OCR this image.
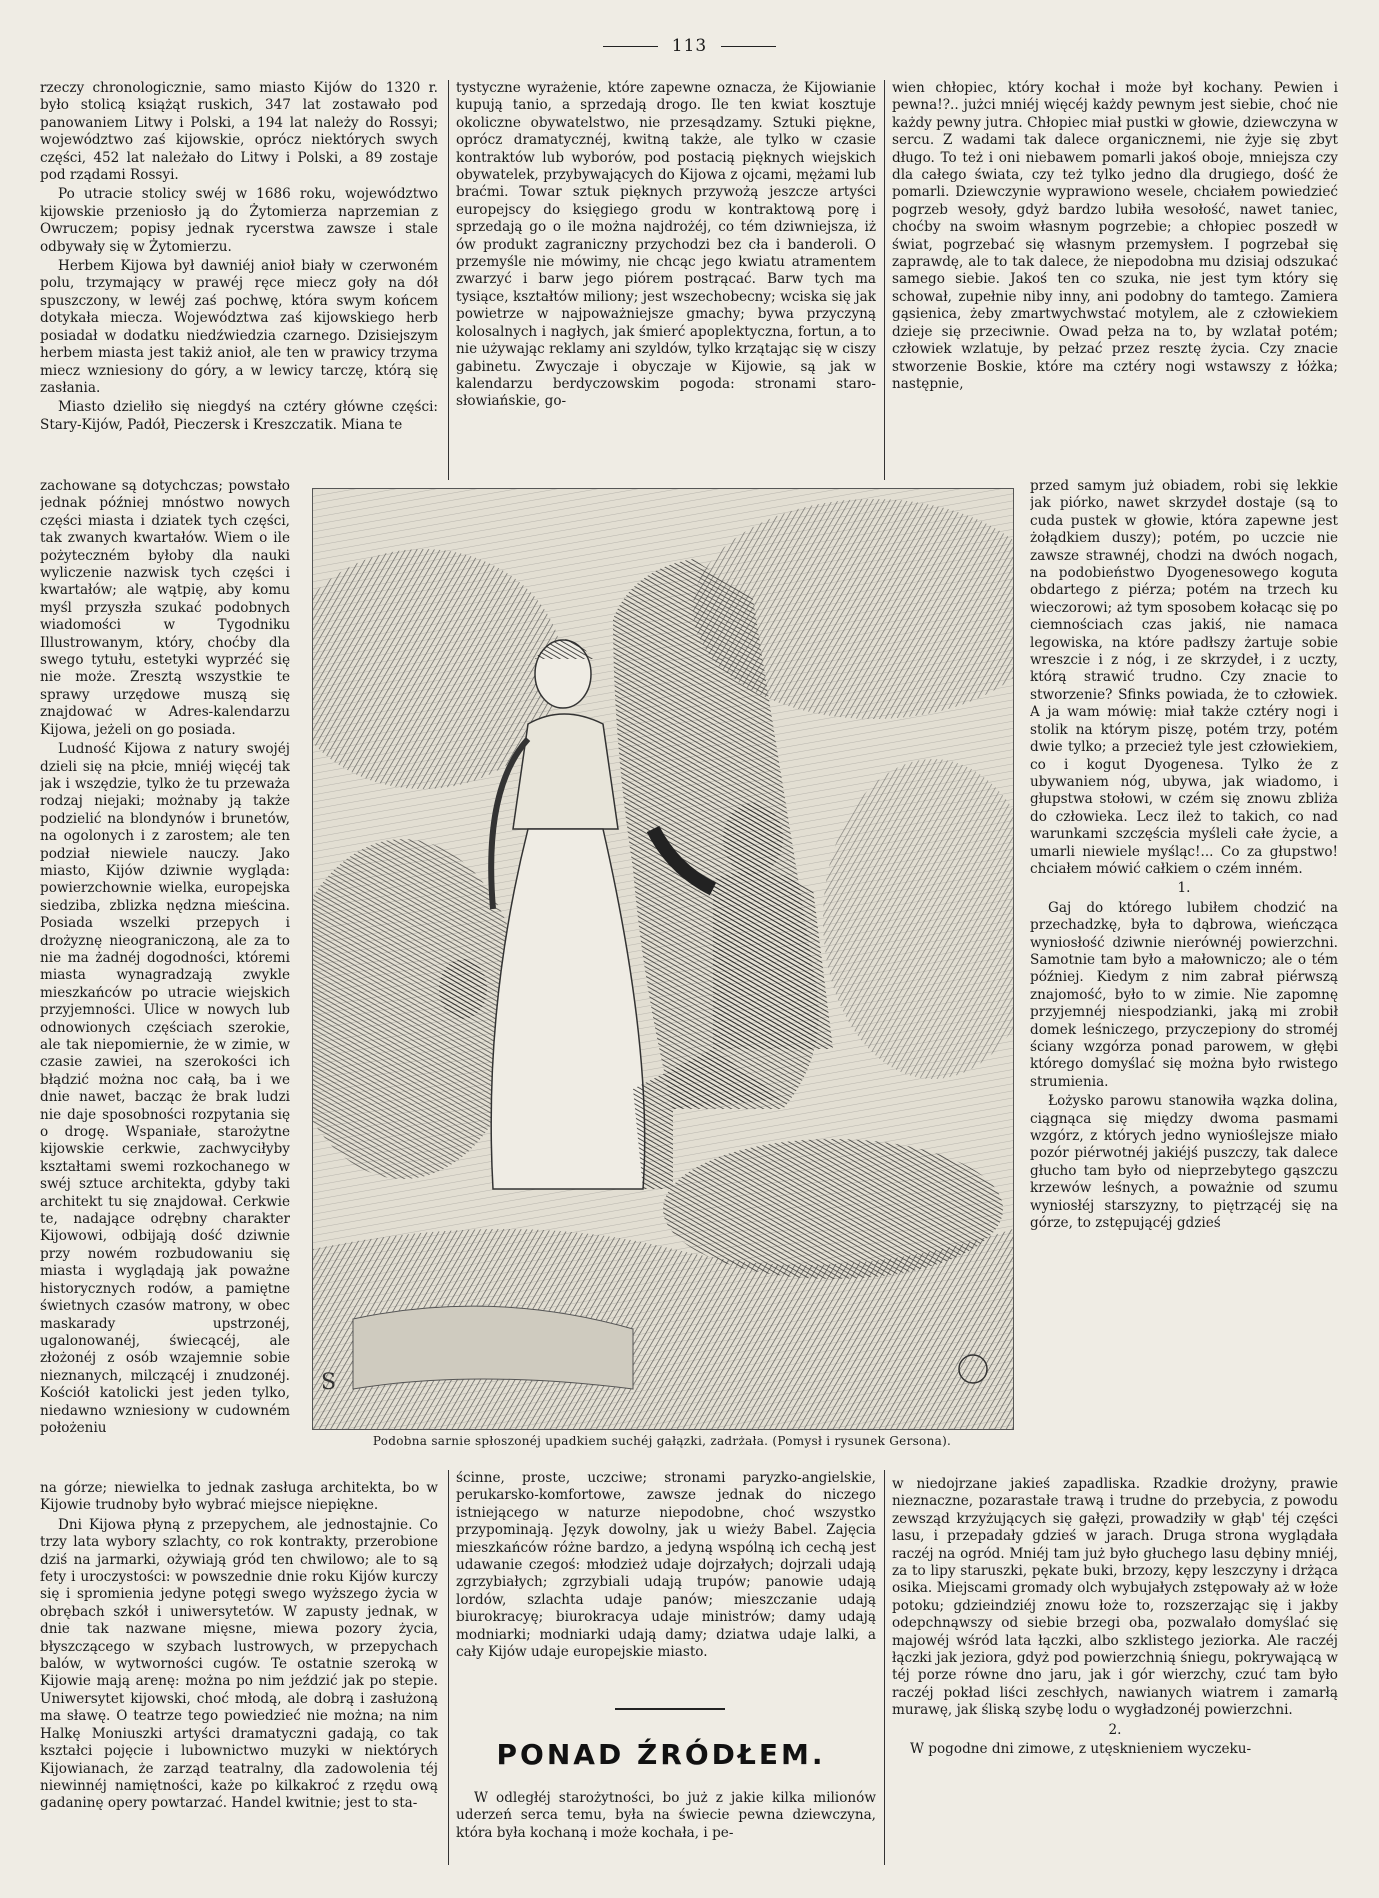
113

rzeczy chronologicznie, samo miasto Kijów do 1320 r. było stolicą książąt ruskich, 347 lat zostawało pod panowaniem Litwy i Polski, a 194 lat należy do Rossyi; województwo zaś kijowskie, oprócz niektórych swych części, 452 lat należało do Litwy i Polski, a 89 zostaje pod rządami Rossyi.

Po utracie stolicy swéj w 1686 roku, województwo kijowskie przeniosło ją do Żytomierza naprzemian z Owruczem; popisy jednak rycerstwa zawsze i stale odbywały się w Żytomierzu.

Herbem Kijowa był dawniéj anioł biały w czerwoném polu, trzymający w prawéj ręce miecz goły na dół spuszczony, w lewéj zaś pochwę, która swym końcem dotykała miecza. Województwa zaś kijowskiego herb posiadał w dodatku niedźwiedzia czarnego. Dzisiejszym herbem miasta jest takiż anioł, ale ten w prawicy trzyma miecz wzniesiony do góry, a w lewicy tarczę, którą się zasłania.

Miasto dzieliło się niegdyś na cztéry główne części: Stary-Kijów, Padół, Pieczersk i Kreszczatik. Miana te

zachowane są dotychczas; powstało jednak później mnóstwo nowych części miasta i dziatek tych części, tak zwanych kwartałów. Wiem o ile pożyteczném byłoby dla nauki wyliczenie nazwisk tych części i kwartałów; ale wątpię, aby komu myśl przyszła szukać podobnych wiadomości w Tygodniku Illustrowanym, który, choćby dla swego tytułu, estetyki wyprzéć się nie może. Zresztą wszystkie te sprawy urzędowe muszą się znajdować w Adres-kalendarzu Kijowa, jeżeli on go posiada.

Ludność Kijowa z natury swojéj dzieli się na płcie, mniéj więcéj tak jak i wszędzie, tylko że tu przeważa rodzaj niejaki; możnaby ją także podzielić na blondynów i brunetów, na ogolonych i z zarostem; ale ten podział niewiele nauczy. Jako miasto, Kijów dziwnie wygląda: powierzchownie wielka, europejska siedziba, zblizka nędzna mieścina. Posiada wszelki przepych i drożyznę nieograniczoną, ale za to nie ma żadnéj dogodności, któremi miasta wynagradzają zwykle mieszkańców po utracie wiejskich przyjemności. Ulice w nowych lub odnowionych częściach szerokie, ale tak niepomiernie, że w zimie, w czasie zawiei, na szerokości ich błądzić można noc całą, ba i we dnie nawet, bacząc że brak ludzi nie daje sposobności rozpytania się o drogę. Wspaniałe, starożytne kijowskie cerkwie, zachwyciłyby kształtami swemi rozkochanego w swéj sztuce architekta, gdyby taki architekt tu się znajdował. Cerkwie te, nadające odrębny charakter Kijowowi, odbijają dość dziwnie przy nowém rozbudowaniu się miasta i wyglądają jak poważne historycznych rodów, a pamiętne świetnych czasów matrony, w obec maskarady upstrzonéj, ugalonowanéj, świecącéj, ale złożonéj z osób wzajemnie sobie nieznanych, milczącéj i znudzonéj. Kościół katolicki jest jeden tylko, niedawno wzniesiony w cudowném położeniu

na górze; niewielka to jednak zasługa architekta, bo w Kijowie trudnoby było wybrać miejsce niepiękne.

Dni Kijowa płyną z przepychem, ale jednostajnie. Co trzy lata wybory szlachty, co rok kontrakty, przerobione dziś na jarmarki, ożywiają gród ten chwilowo; ale to są fety i uroczystości: w powszednie dnie roku Kijów kurczy się i spromienia jedyne potęgi swego wyższego życia w obrębach szkół i uniwersytetów. W zapusty jednak, w dnie tak nazwane mięsne, miewa pozory życia, błyszczącego w szybach lustrowych, w przepychach balów, w wytworności cugów. Te ostatnie szeroką w Kijowie mają arenę: można po nim jeździć jak po stepie. Uniwersytet kijowski, choć młodą, ale dobrą i zasłużoną ma sławę. O teatrze tego powiedzieć nie można; na nim Halkę Moniuszki artyści dramatyczni gadają, co tak kształci pojęcie i lubownictwo muzyki w niektórych Kijowianach, że zarząd teatralny, dla zadowolenia téj niewinnéj namiętności, każe po kilkakroć z rzędu ową gadaninę opery powtarzać. Handel kwitnie; jest to sta-

tystyczne wyrażenie, które zapewne oznacza, że Kijowianie kupują tanio, a sprzedają drogo. Ile ten kwiat kosztuje okoliczne obywatelstwo, nie przesądzamy. Sztuki piękne, oprócz dramatycznéj, kwitną także, ale tylko w czasie kontraktów lub wyborów, pod postacią pięknych wiejskich obywatelek, przybywających do Kijowa z ojcami, mężami lub braćmi. Towar sztuk pięknych przywożą jeszcze artyści europejscy do księgiego grodu w kontraktową porę i sprzedają go o ile można najdrożéj, co tém dziwniejsza, iż ów produkt zagraniczny przychodzi bez cła i banderoli. O przemyśle nie mówimy, nie chcąc jego kwiatu atramentem zwarzyć i barw jego piórem postrącać. Barw tych ma tysiące, kształtów miliony; jest wszechobecny; wciska się jak powietrze w najpoważniejsze gmachy; bywa przyczyną kolosalnych i nagłych, jak śmierć apoplektyczna, fortun, a to nie używając reklamy ani szyldów, tylko krzątając się w ciszy gabinetu. Zwyczaje i obyczaje w Kijowie, są jak w kalendarzu berdyczowskim pogoda: stronami staro-słowiańskie, go-

ścinne, proste, uczciwe; stronami paryzko-angielskie, perukarsko-komfortowe, zawsze jednak do niczego istniejącego w naturze niepodobne, choć wszystko przypominają. Język dowolny, jak u wieży Babel. Zajęcia mieszkańców różne bardzo, a jedyną wspólną ich cechą jest udawanie czegoś: młodzież udaje dojrzałych; dojrzali udają zgrzybiałych; zgrzybiali udają trupów; panowie udają lordów, szlachta udaje panów; mieszczanie udają biurokracyę; biurokracya udaje ministrów; damy udają modniarki; modniarki udają damy; dziatwa udaje lalki, a cały Kijów udaje europejskie miasto.

PONAD ŹRÓDŁEM.

W odległéj starożytności, bo już z jakie kilka milionów uderzeń serca temu, była na świecie pewna dziewczyna, która była kochaną i może kochała, i pe-

wien chłopiec, który kochał i może był kochany. Pewien i pewna!?.. jużci mniéj więcéj każdy pewnym jest siebie, choć nie każdy pewny jutra. Chłopiec miał pustki w głowie, dziewczyna w sercu. Z wadami tak dalece organicznemi, nie żyje się zbyt długo. To też i oni niebawem pomarli jakoś oboje, mniejsza czy dla całego świata, czy też tylko jedno dla drugiego, dość że pomarli. Dziewczynie wyprawiono wesele, chciałem powiedzieć pogrzeb wesoły, gdyż bardzo lubiła wesołość, nawet taniec, choćby na swoim własnym pogrzebie; a chłopiec poszedł w świat, pogrzebać się własnym przemysłem. I pogrzebał się zaprawdę, ale to tak dalece, że niepodobna mu dzisiaj odszukać samego siebie. Jakoś ten co szuka, nie jest tym który się schował, zupełnie niby inny, ani podobny do tamtego. Zamiera gąsienica, żeby zmartwychwstać motylem, ale z człowiekiem dzieje się przeciwnie. Owad pełza na to, by wzlatał potém; człowiek wzlatuje, by pełzać przez resztę życia. Czy znacie stworzenie Boskie, które ma cztéry nogi wstawszy z łóżka; następnie,

przed samym już obiadem, robi się lekkie jak piórko, nawet skrzydeł dostaje (są to cuda pustek w głowie, która zapewne jest żołądkiem duszy); potém, po uczcie nie zawsze strawnéj, chodzi na dwóch nogach, na podobieństwo Dyogenesowego koguta obdartego z piérza; potém na trzech ku wieczorowi; aż tym sposobem kołacąc się po ciemnościach czas jakiś, nie namaca legowiska, na które padłszy żartuje sobie wreszcie i z nóg, i ze skrzydeł, i z uczty, którą strawić trudno. Czy znacie to stworzenie? Sfinks powiada, że to człowiek. A ja wam mówię: miał także cztéry nogi i stolik na którym piszę, potém trzy, potém dwie tylko; a przecież tyle jest człowiekiem, co i kogut Dyogenesa. Tylko że z ubywaniem nóg, ubywa, jak wiadomo, i głupstwa stołowi, w czém się znowu zbliża do człowieka. Lecz ileż to takich, co nad warunkami szczęścia myśleli całe życie, a umarli niewiele myśląc!... Co za głupstwo! chciałem mówić całkiem o czém inném.

1.

Gaj do którego lubiłem chodzić na przechadzkę, była to dąbrowa, wieńcząca wyniosłość dziwnie nierównéj powierzchni. Samotnie tam było a małowniczo; ale o tém później. Kiedym z nim zabrał piérwszą znajomość, było to w zimie. Nie zapomnę przyjemnéj niespodzianki, jaką mi zrobił domek leśniczego, przyczepiony do stroméj ściany wzgórza ponad parowem, w głębi którego domyślać się można było rwistego strumienia.

Łożysko parowu stanowiła wązka dolina, ciągnąca się między dwoma pasmami wzgórz, z których jedno wynioślejsze miało pozór piérwotnéj jakiéjś puszczy, tak dalece głucho tam było od nieprzebytego gąszczu krzewów leśnych, a poważnie od szumu wyniosłéj starszyzny, to piętrzącéj się na górze, to zstępującéj gdzieś

w niedojrzane jakieś zapadliska. Rzadkie drożyny, prawie nieznaczne, pozarastałe trawą i trudne do przebycia, z powodu zewsząd krzyżujących się gałęzi, prowadziły w głąb' téj części lasu, i przepadały gdzieś w jarach. Druga strona wyglądała raczéj na ogród. Mniéj tam już było głuchego lasu dębiny mniéj, za to lipy staruszki, pękate buki, brzozy, kępy leszczyny i drżąca osika. Miejscami gromady olch wybujałych zstępowały aż w łoże potoku; gdzieindziéj znowu łoże to, rozszerzając się i jakby odepchnąwszy od siebie brzegi oba, pozwalało domyślać się majowéj wśród lata łączki, albo szklistego jeziorka. Ale raczéj łączki jak jeziora, gdyż pod powierzchnią śniegu, pokrywającą w téj porze równe dno jaru, jak i gór wierzchy, czuć tam było raczéj pokład liści zeschłych, nawianych wiatrem i zamarłą murawę, jak śliską szybę lodu o wygładzonéj powierzchni.

2.

W pogodne dni zimowe, z utęsknieniem wyczeku-

S
Podobna sarnie spłoszonéj upadkiem suchéj gałązki, zadrżała. (Pomysł i rysunek Gersona).
